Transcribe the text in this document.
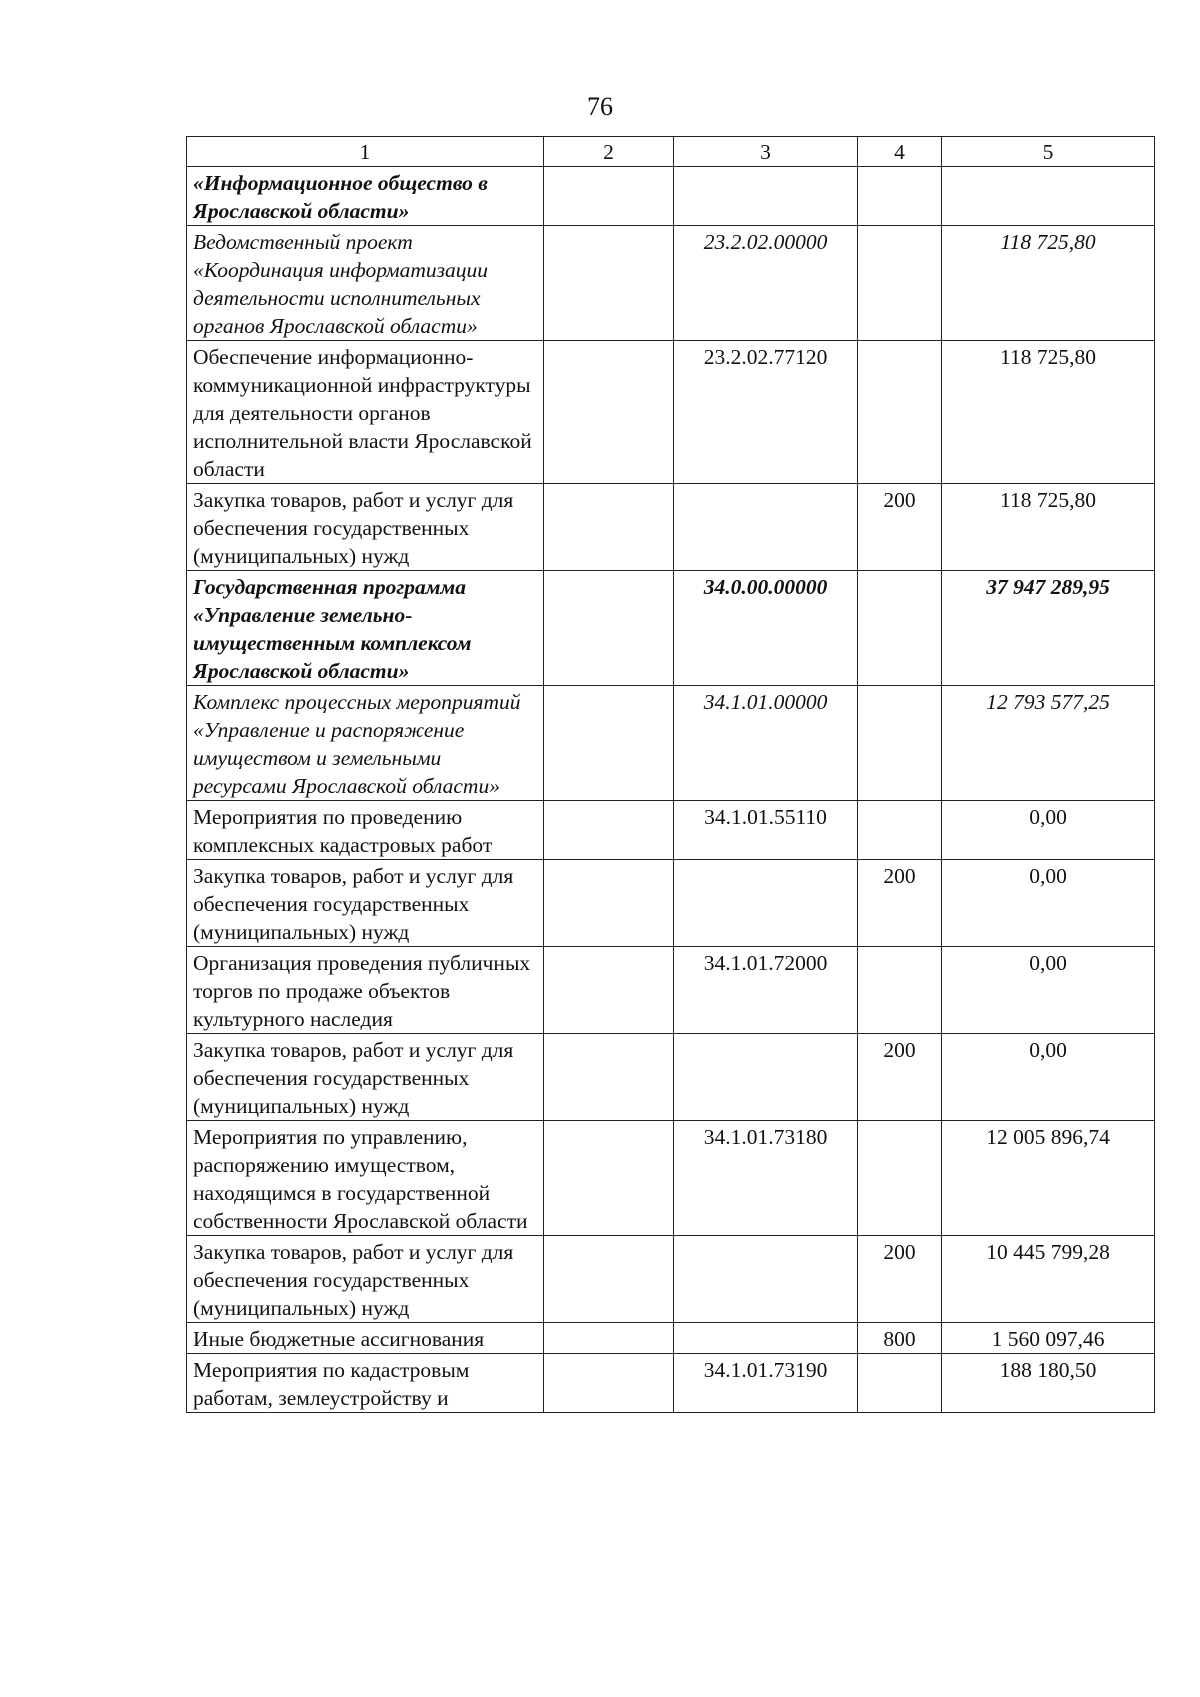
76
1	2	3	4	5
«Информационное общество в Ярославской области»				
Ведомственный проект «Координация информатизации деятельности исполнительных органов Ярославской области»		23.2.02.00000		118 725,80
Обеспечение информационно-коммуникационной инфраструктуры для деятельности органов исполнительной власти Ярославской области		23.2.02.77120		118 725,80
Закупка товаров, работ и услуг для обеспечения государственных (муниципальных) нужд			200	118 725,80
Государственная программа «Управление земельно-имущественным комплексом Ярославской области»		34.0.00.00000		37 947 289,95
Комплекс процессных мероприятий «Управление и распоряжение имуществом и земельными ресурсами Ярославской области»		34.1.01.00000		12 793 577,25
Мероприятия по проведению комплексных кадастровых работ		34.1.01.55110		0,00
Закупка товаров, работ и услуг для обеспечения государственных (муниципальных) нужд			200	0,00
Организация проведения публичных торгов по продаже объектов культурного наследия		34.1.01.72000		0,00
Закупка товаров, работ и услуг для обеспечения государственных (муниципальных) нужд			200	0,00
Мероприятия по управлению, распоряжению имуществом, находящимся в государственной собственности Ярославской области		34.1.01.73180		12 005 896,74
Закупка товаров, работ и услуг для обеспечения государственных (муниципальных) нужд			200	10 445 799,28
Иные бюджетные ассигнования			800	1 560 097,46
Мероприятия по кадастровым работам, землеустройству и		34.1.01.73190		188 180,50
